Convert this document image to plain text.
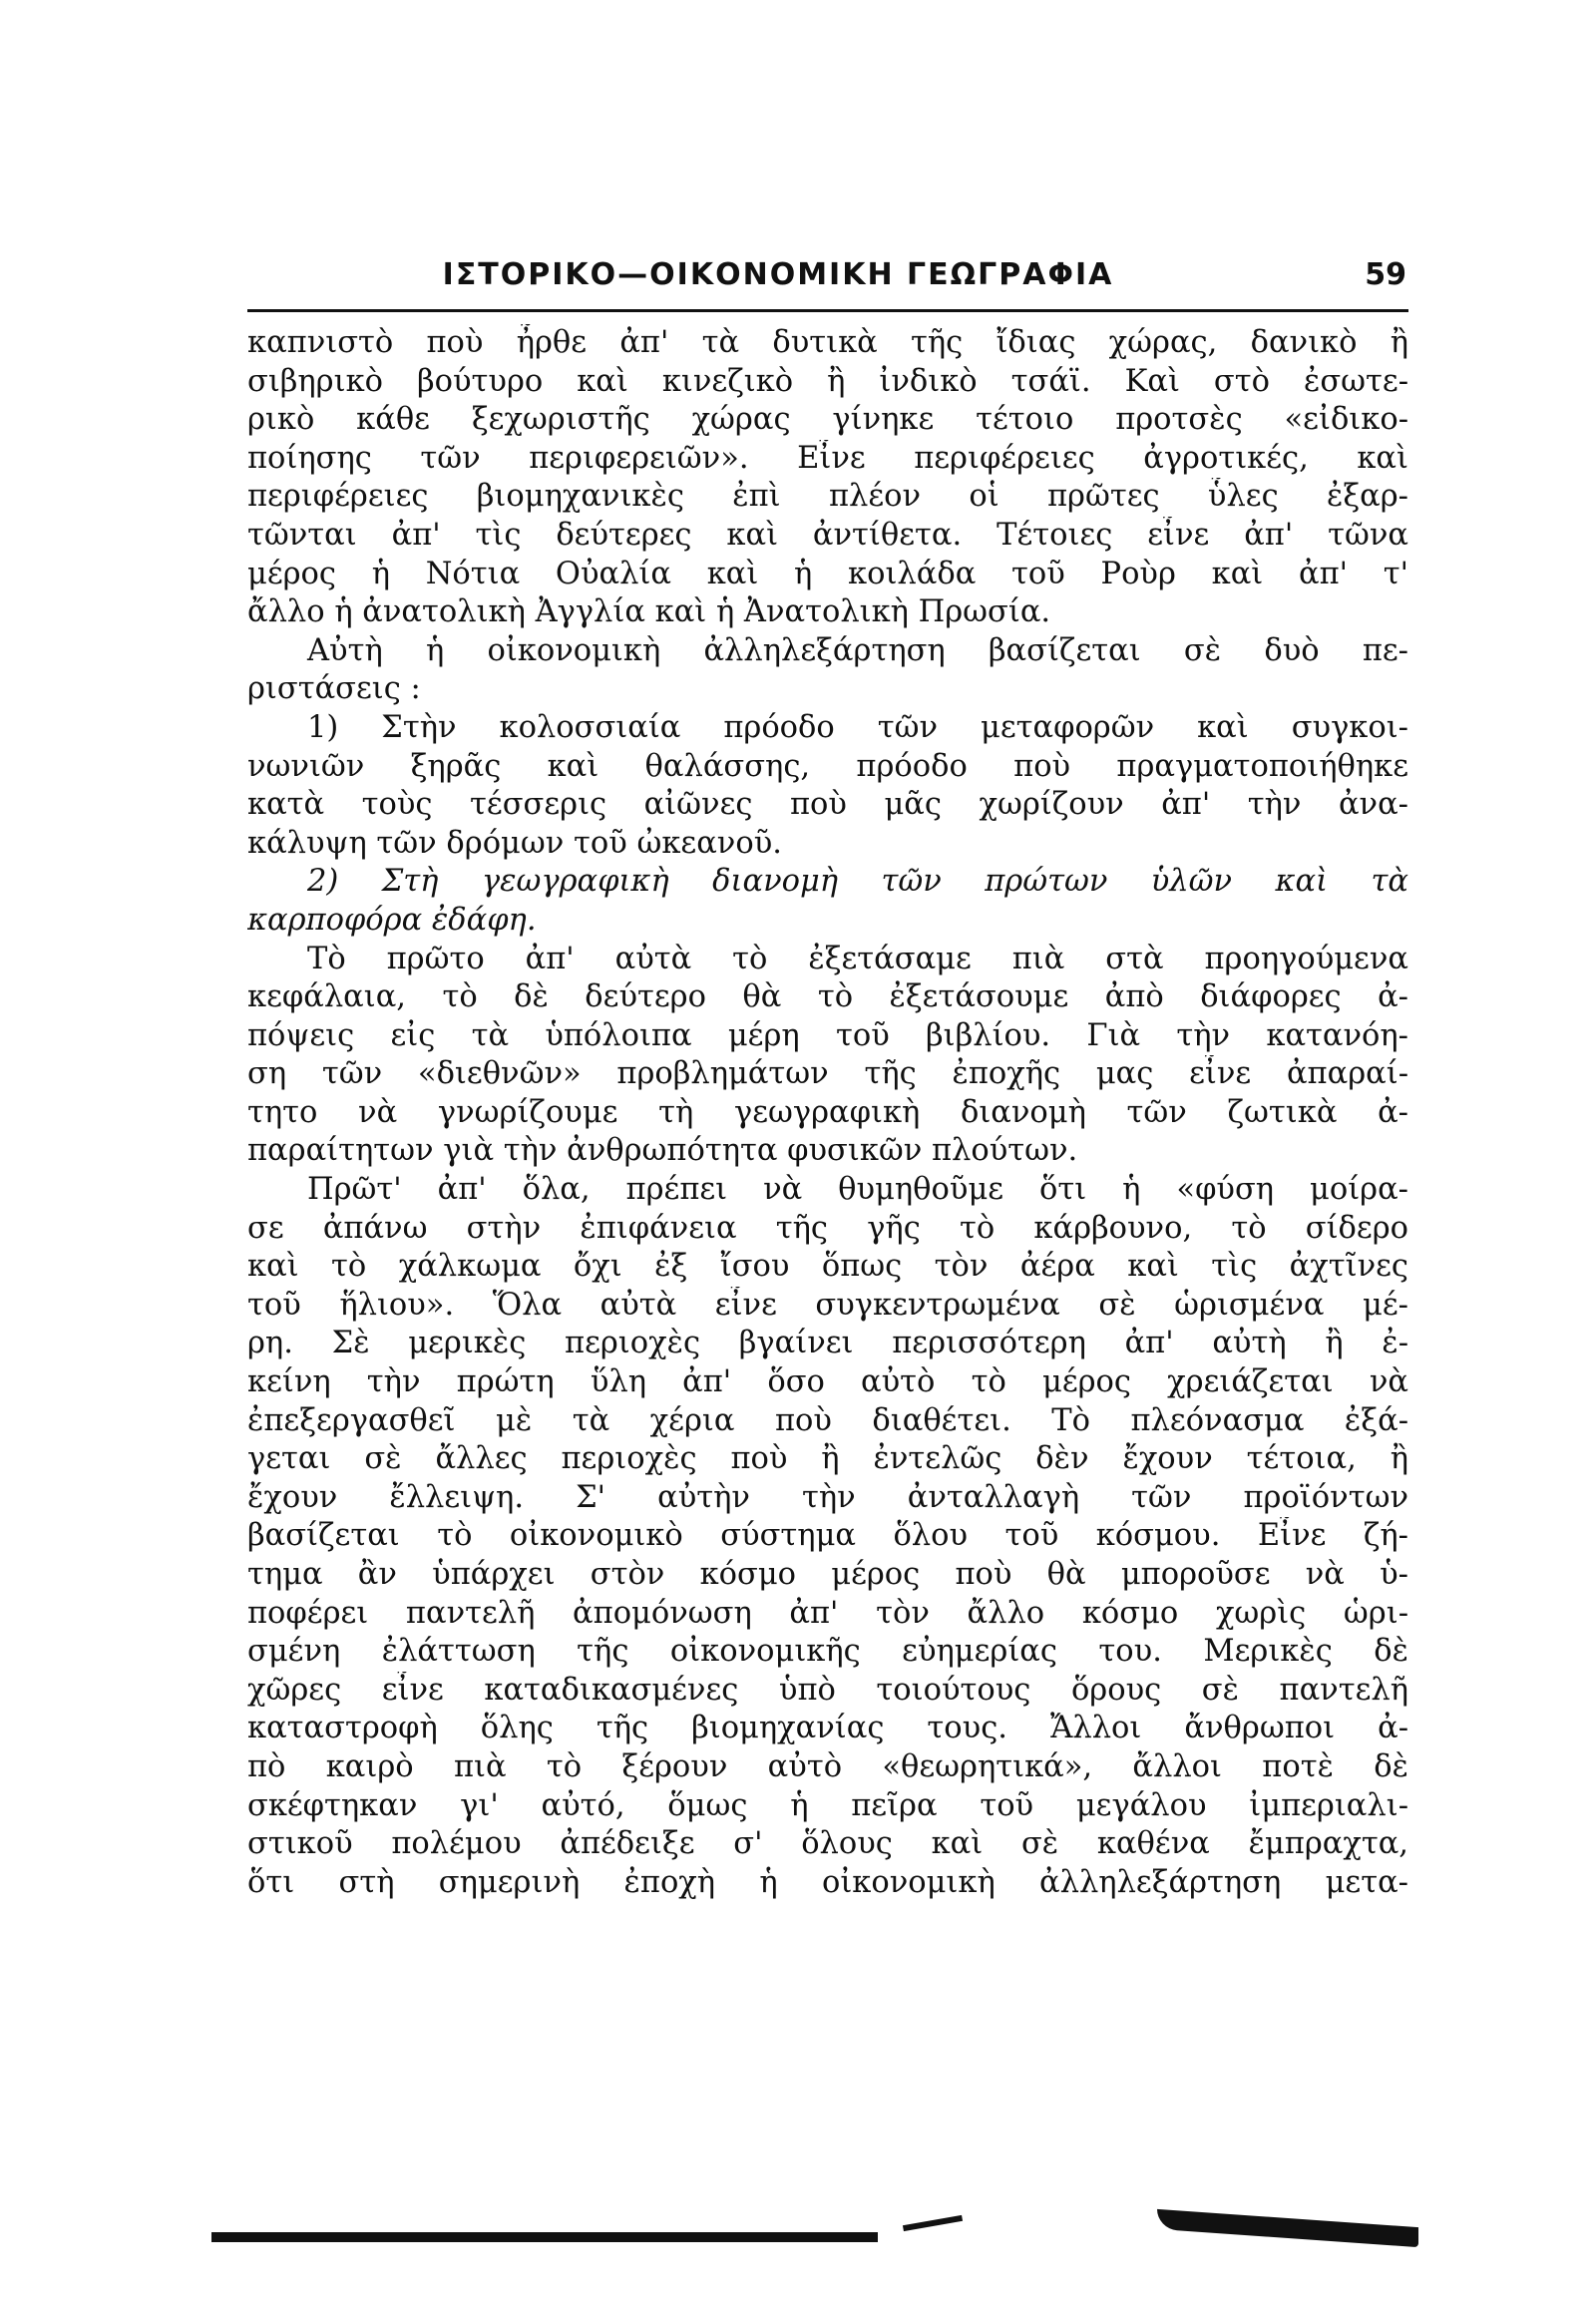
ΙΣΤΟΡΙΚΟ—ΟΙΚΟΝΟΜΙΚΗ ΓΕΩΓΡΑΦΙΑ	59
καπνιστὸ ποὺ ἦρθε ἀπ' τὰ δυτικὰ τῆς ἴδιας χώρας, δανικὸ ἢ
σιβηρικὸ βούτυρο καὶ κινεζικὸ ἢ ἰνδικὸ τσάϊ. Καὶ στὸ ἐσωτε-
ρικὸ κάθε ξεχωριστῆς χώρας γίνηκε τέτοιο προτσὲς «εἰδικο-
ποίησης τῶν περιφερειῶν». Εἶνε περιφέρειες ἀγροτικές, καὶ
περιφέρειες βιομηχανικὲς ἐπὶ πλέον οἱ πρῶτες ὗλες ἐξαρ-
τῶνται ἀπ' τὶς δεύτερες καὶ ἀντίθετα. Τέτοιες εἶνε ἀπ' τῶνα
μέρος ἡ Νότια Οὐαλία καὶ ἡ κοιλάδα τοῦ Ροὺρ καὶ ἀπ' τ'
ἄλλο ἡ ἀνατολικὴ Ἀγγλία καὶ ἡ Ἀνατολικὴ Πρωσία.
Αὐτὴ ἡ οἰκονομικὴ ἀλληλεξάρτηση βασίζεται σὲ δυὸ πε-
ριστάσεις :
1) Στὴν κολοσσιαία πρόοδο τῶν μεταφορῶν καὶ συγκοι-
νωνιῶν ξηρᾶς καὶ θαλάσσης, πρόοδο ποὺ πραγματοποιήθηκε
κατὰ τοὺς τέσσερις αἰῶνες ποὺ μᾶς χωρίζουν ἀπ' τὴν ἀνα-
κάλυψη τῶν δρόμων τοῦ ὠκεανοῦ.
2) Στὴ γεωγραφικὴ διανομὴ τῶν πρώτων ὑλῶν καὶ τὰ
καρποφόρα ἐδάφη.
Τὸ πρῶτο ἀπ' αὐτὰ τὸ ἐξετάσαμε πιὰ στὰ προηγούμενα
κεφάλαια, τὸ δὲ δεύτερο θὰ τὸ ἐξετάσουμε ἀπὸ διάφορες ἀ-
πόψεις εἰς τὰ ὑπόλοιπα μέρη τοῦ βιβλίου. Γιὰ τὴν κατανόη-
ση τῶν «διεθνῶν» προβλημάτων τῆς ἐποχῆς μας εἶνε ἀπαραί-
τητο νὰ γνωρίζουμε τὴ γεωγραφικὴ διανομὴ τῶν ζωτικὰ ἀ-
παραίτητων γιὰ τὴν ἀνθρωπότητα φυσικῶν πλούτων.
Πρῶτ' ἀπ' ὅλα, πρέπει νὰ θυμηθοῦμε ὅτι ἡ «φύση μοίρα-
σε ἀπάνω στὴν ἐπιφάνεια τῆς γῆς τὸ κάρβουνο, τὸ σίδερο
καὶ τὸ χάλκωμα ὄχι ἐξ ἴσου ὅπως τὸν ἀέρα καὶ τὶς ἀχτῖνες
τοῦ ἥλιου». Ὅλα αὐτὰ εἶνε συγκεντρωμένα σὲ ὡρισμένα μέ-
ρη. Σὲ μερικὲς περιοχὲς βγαίνει περισσότερη ἀπ' αὐτὴ ἢ ἐ-
κείνη τὴν πρώτη ὕλη ἀπ' ὅσο αὐτὸ τὸ μέρος χρειάζεται νὰ
ἐπεξεργασθεῖ μὲ τὰ χέρια ποὺ διαθέτει. Τὸ πλεόνασμα ἐξά-
γεται σὲ ἄλλες περιοχὲς ποὺ ἢ ἐντελῶς δὲν ἔχουν τέτοια, ἢ
ἔχουν ἔλλειψη. Σ' αὐτὴν τὴν ἀνταλλαγὴ τῶν προϊόντων
βασίζεται τὸ οἰκονομικὸ σύστημα ὅλου τοῦ κόσμου. Εἶνε ζή-
τημα ἂν ὑπάρχει στὸν κόσμο μέρος ποὺ θὰ μποροῦσε νὰ ὑ-
ποφέρει παντελῆ ἀπομόνωση ἀπ' τὸν ἄλλο κόσμο χωρὶς ὡρι-
σμένη ἐλάττωση τῆς οἰκονομικῆς εὐημερίας του. Μερικὲς δὲ
χῶρες εἶνε καταδικασμένες ὑπὸ τοιούτους ὅρους σὲ παντελῆ
καταστροφὴ ὅλης τῆς βιομηχανίας τους. Ἄλλοι ἄνθρωποι ἀ-
πὸ καιρὸ πιὰ τὸ ξέρουν αὐτὸ «θεωρητικά», ἄλλοι ποτὲ δὲ
σκέφτηκαν γι' αὐτό, ὅμως ἡ πεῖρα τοῦ μεγάλου ἰμπεριαλι-
στικοῦ πολέμου ἀπέδειξε σ' ὅλους καὶ σὲ καθένα ἔμπραχτα,
ὅτι στὴ σημερινὴ ἐποχὴ ἡ οἰκονομικὴ ἀλληλεξάρτηση μετα-
